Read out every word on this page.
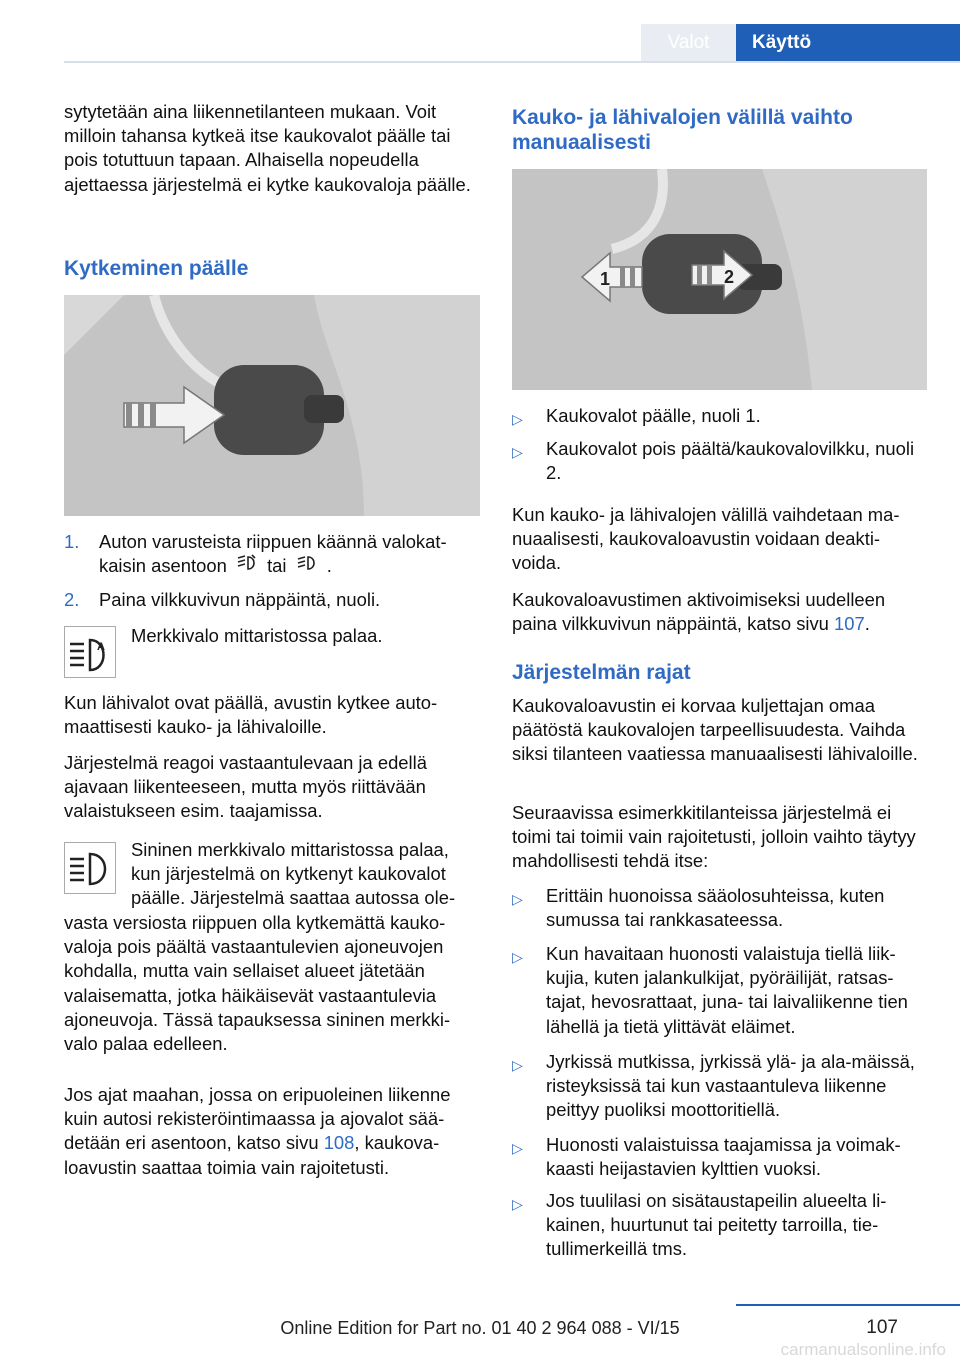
Valot	Käyttö

sytytetään aina liikennetilanteen mukaan. Voit milloin tahansa kytkeä itse kaukovalot päälle tai pois totuttuun tapaan. Alhaisella nopeudella ajettaessa järjestelmä ei kytke kaukovaloja päälle.

Kytkeminen päälle
1. Auton varusteista riippuen käännä valokat-kaisin asentoon tai .
2. Paina vilkkuvivun näppäintä, nuoli.
A
Merkkivalo mittaristossa palaa.
Kun lähivalot ovat päällä, avustin kytkee auto-maattisesti kauko- ja lähivaloille.
Järjestelmä reagoi vastaantulevaan ja edellä ajavaan liikenteeseen, mutta myös riittävään valaistukseen esim. taajamissa.
Sininen merkkivalo mittaristossa palaa, kun järjestelmä on kytkenyt kaukovalot päälle. Järjestelmä saattaa autossa ole-
vasta versiosta riippuen olla kytkemättä kauko-valoja pois päältä vastaantulevien ajoneuvojen kohdalla, mutta vain sellaiset alueet jätetään valaisematta, jotka häikäisevät vastaantulevia ajoneuvoja. Tässä tapauksessa sininen merkki-valo palaa edelleen.
Jos ajat maahan, jossa on eripuoleinen liikenne kuin autosi rekisteröintimaassa ja ajovalot sää-detään eri asentoon, katso sivu 108, kaukova-loavustin saattaa toimia vain rajoitetusti.
Kauko- ja lähivalojen välillä vaihto manuaalisesti
1	2
▷ Kaukovalot päälle, nuoli 1.
▷ Kaukovalot pois päältä/kaukovalovilkku, nuoli 2.
Kun kauko- ja lähivalojen välillä vaihdetaan ma-nuaalisesti, kaukovaloavustin voidaan deakti-voida.
Kaukovaloavustimen aktivoimiseksi uudelleen paina vilkkuvivun näppäintä, katso sivu 107.
Järjestelmän rajat
Kaukovaloavustin ei korvaa kuljettajan omaa päätöstä kaukovalojen tarpeellisuudesta. Vaihda siksi tilanteen vaatiessa manuaalisesti lähivaloille.
Seuraavissa esimerkkitilanteissa järjestelmä ei toimi tai toimii vain rajoitetusti, jolloin vaihto täytyy mahdollisesti tehdä itse:
▷ Erittäin huonoissa sääolosuhteissa, kuten sumussa tai rankkasateessa.
▷ Kun havaitaan huonosti valaistuja tiellä liik-kujia, kuten jalankulkijat, pyöräilijät, ratsas-tajat, hevosrattaat, juna- tai laivaliikenne tien lähellä ja tietä ylittävät eläimet.
▷ Jyrkissä mutkissa, jyrkissä ylä- ja ala-mäissä, risteyksissä tai kun vastaantuleva liikenne peittyy puoliksi moottoritiellä.
▷ Huonosti valaistuissa taajamissa ja voimak-kaasti heijastavien kylttien vuoksi.
▷ Jos tuulilasi on sisätaustapeilin alueelta li-kainen, huurtunut tai peitetty tarroilla, tie-tullimerkeillä tms.
107
Online Edition for Part no. 01 40 2 964 088 - VI/15
carmanualsonline.info
